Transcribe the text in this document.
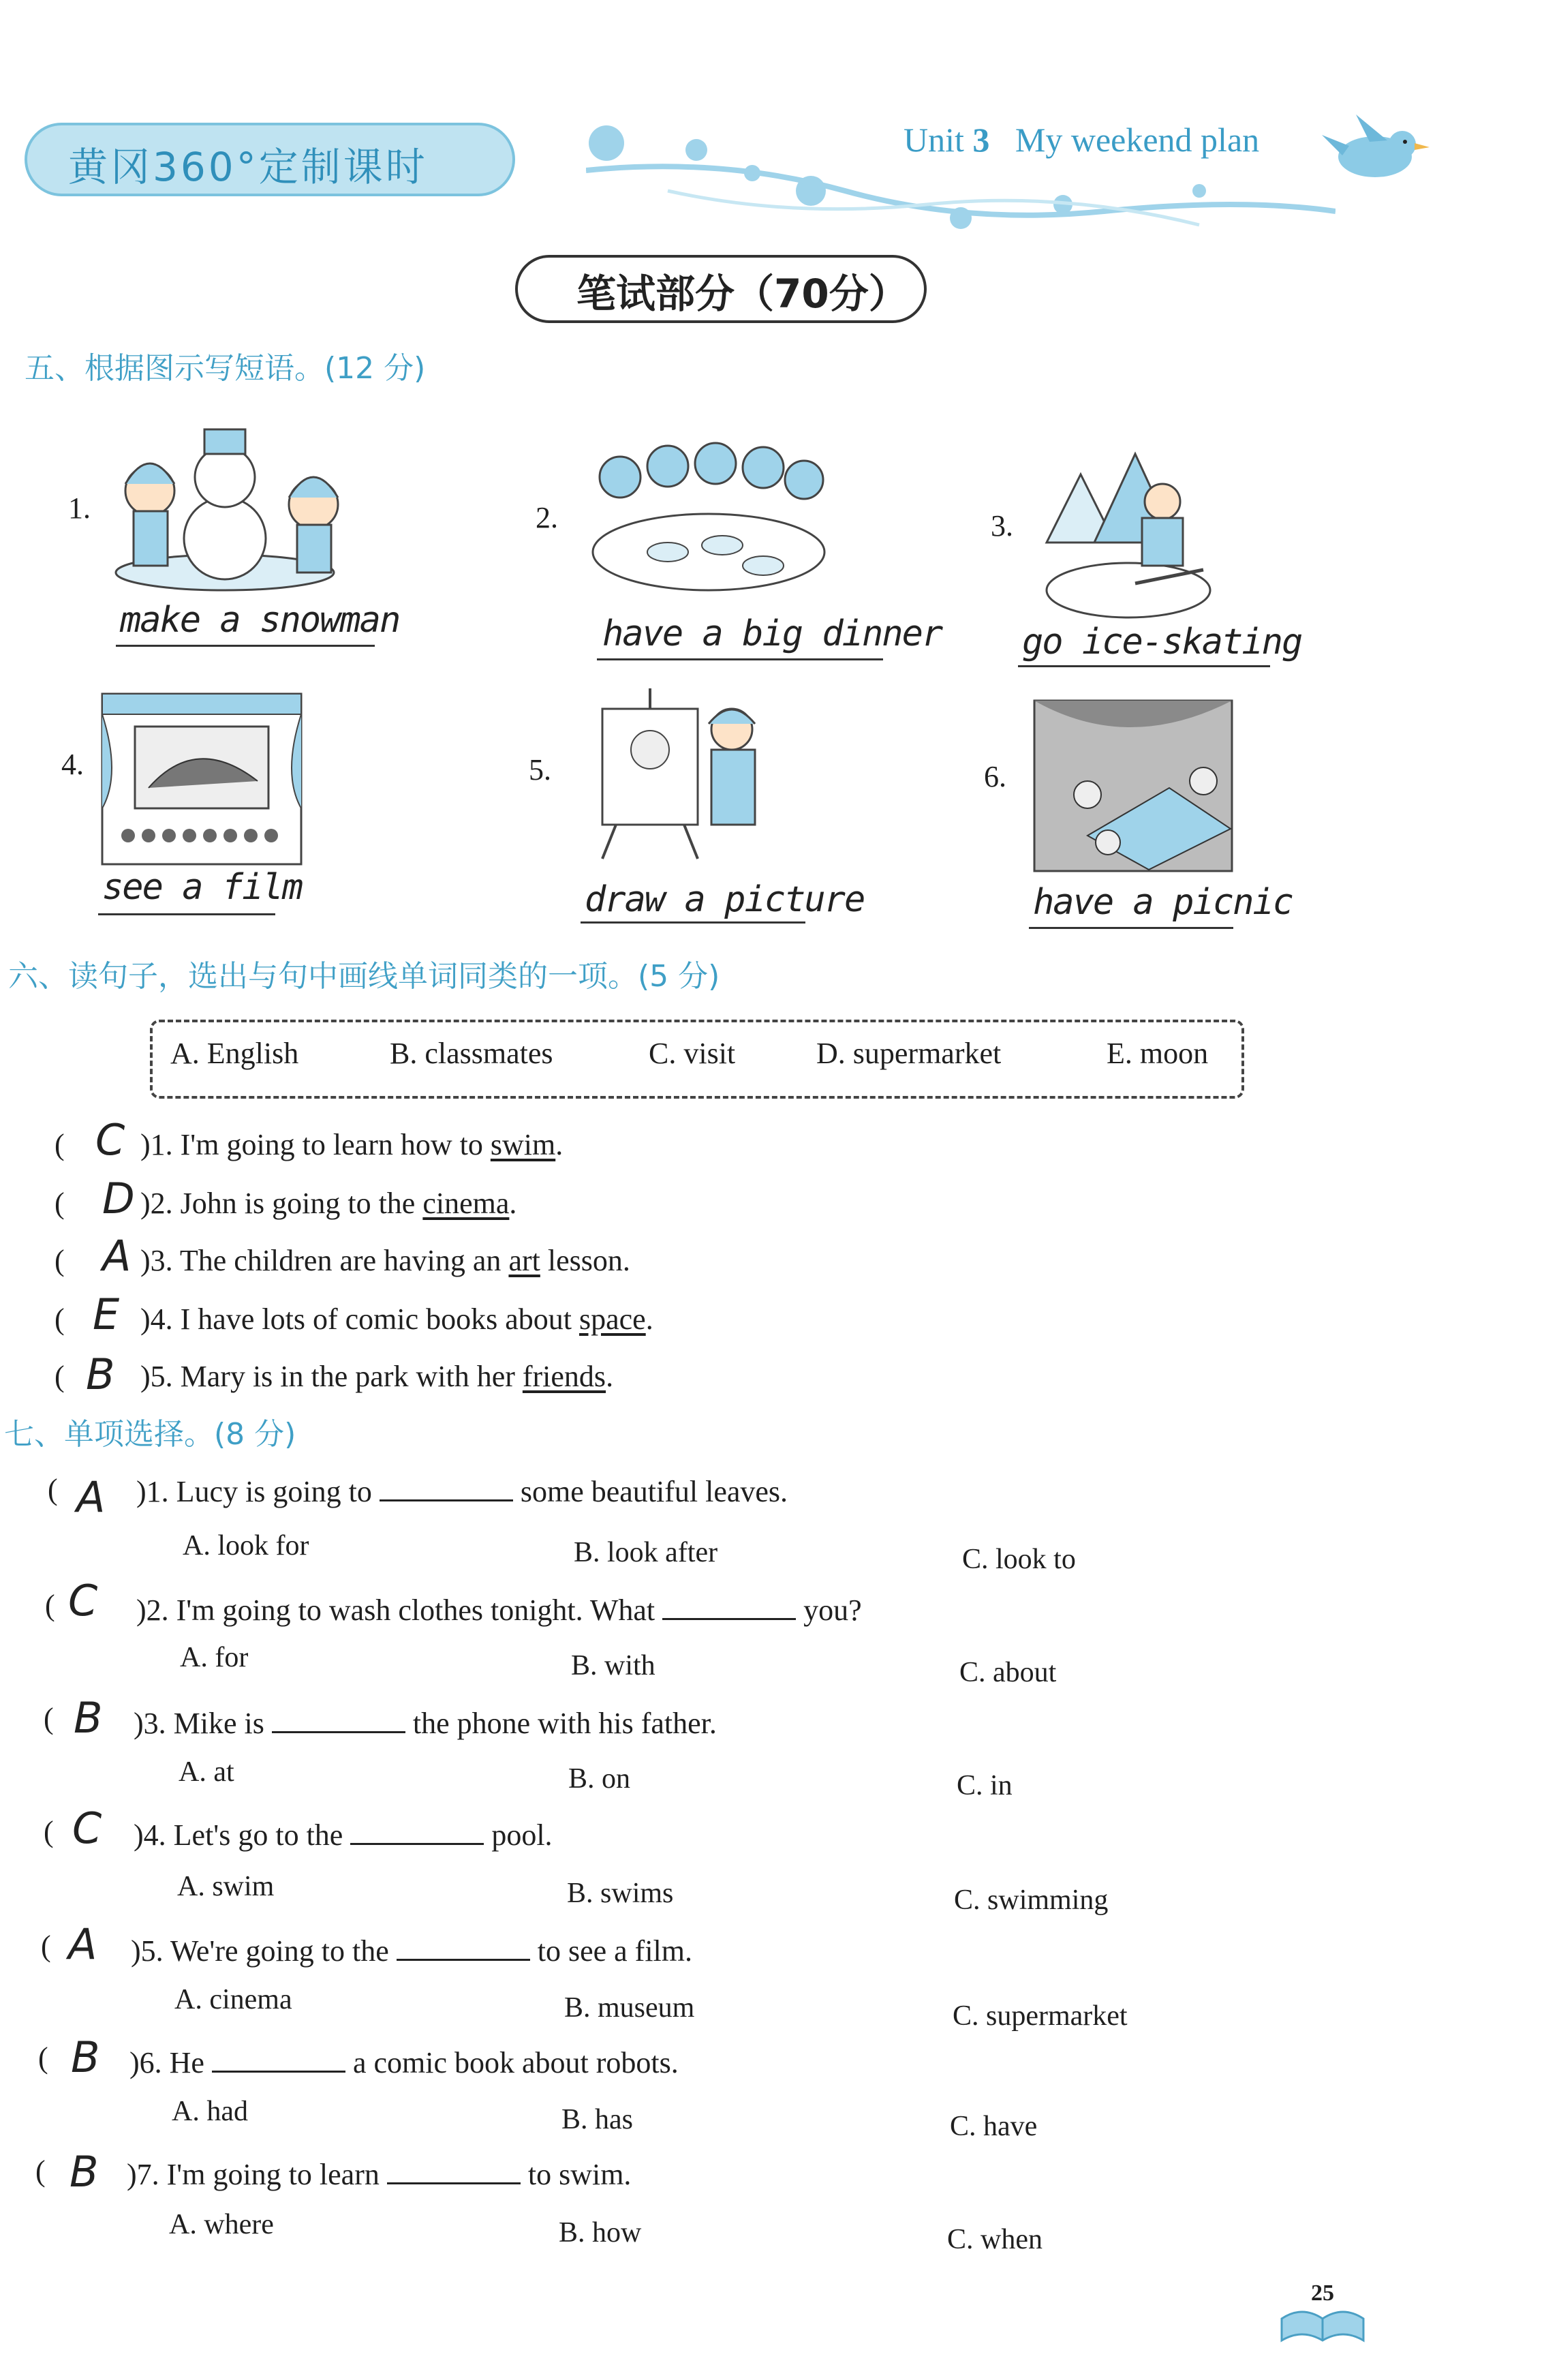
黄冈360°定制课时
Unit 3 My weekend plan
笔试部分（70分）
五、根据图示写短语。(12 分)
1.
make a snowman
2.
have a big dinner
3.
go ice-skating
4.
see a film
5.
draw a picture
6.
have a picnic
六、读句子，选出与句中画线单词同类的一项。(5 分)
A. English	B. classmates	C. visit	D. supermarket	E. moon
( C )1. I'm going to learn how to swim.
( D )2. John is going to the cinema.
( A )3. The children are having an art lesson.
( E )4. I have lots of comic books about space.
( B )5. Mary is in the park with her friends.
七、单项选择。(8 分)
( A )1. Lucy is going to	some beautiful leaves.
A. look for	B. look after	C. look to
( C )2. I'm going to wash clothes tonight. What	you?
A. for	B. with	C. about
( B )3. Mike is	the phone with his father.
A. at	B. on	C. in
( C )4. Let's go to the	pool.
A. swim	B. swims	C. swimming
( A )5. We're going to the	to see a film.
A. cinema	B. museum	C. supermarket
( B )6. He	a comic book about robots.
A. had	B. has	C. have
( B )7. I'm going to learn	to swim.
A. where	B. how	C. when
25
